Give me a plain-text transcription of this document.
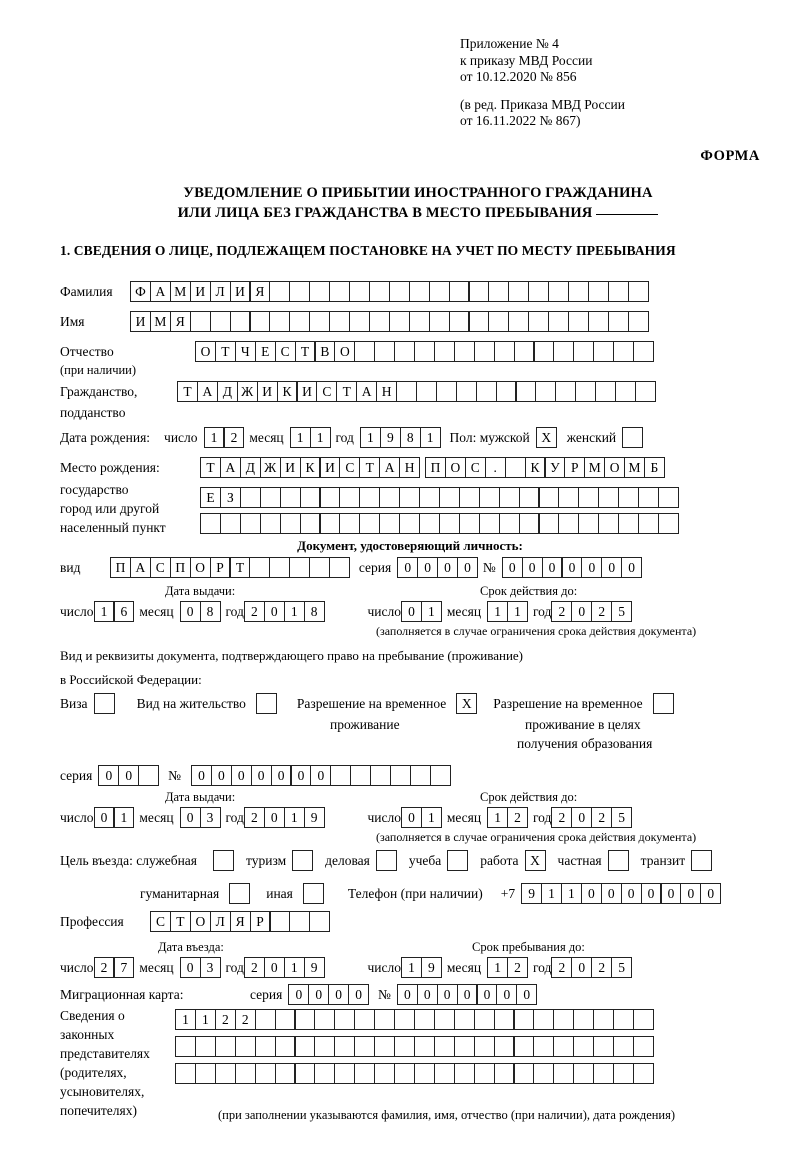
Приложение № 4
к приказу МВД России
от 10.12.2020 № 856
(в ред. Приказа МВД России
от 16.11.2022 № 867)
ФОРМА
УВЕДОМЛЕНИЕ О ПРИБЫТИИ ИНОСТРАННОГО ГРАЖДАНИНА
ИЛИ ЛИЦА БЕЗ ГРАЖДАНСТВА В МЕСТО ПРЕБЫВАНИЯ
1. СВЕДЕНИЯ О ЛИЦЕ, ПОДЛЕЖАЩЕМ ПОСТАНОВКЕ НА УЧЕТ ПО МЕСТУ ПРЕБЫВАНИЯ
Фамилия	Ф А М И Л И Я
Имя	И М Я
Отчество	О Т Ч Е С Т В О
(при наличии)
Гражданство,	Т А Д Ж И К И С Т А Н
подданство
Дата рождения: число 1 2 месяц 1 1 год 1 9 8 1	Пол: мужской X	женский
Место рождения:	Т А Д Ж И К И С Т А Н	П О С	.	К У Р М О М Б
государство
Е З
город или другой
населенный пункт
Документ, удостоверяющий личность:
вид	П А С П О Р Т	серия 0 0 0 0 № 0 0 0 0 0 0 0
Дата выдачи:	Срок действия до:
число 1 6 месяц 0 8 год 2 0 1 8	число 0 1 месяц 1 1 год 2 0 2 5
(заполняется в случае ограничения срока действия документа)
Вид и реквизиты документа, подтверждающего право на пребывание (проживание)
в Российской Федерации:
Виза	Вид на жительство	Разрешение на временное	X	Разрешение на временное
проживание	проживание в целях
получения образования
серия 0 0	№	0 0 0 0 0 0 0
Дата выдачи:	Срок действия до:
число 0 1 месяц 0 3 год 2 0 1 9	число 0 1 месяц 1 2 год 2 0 2 5
(заполняется в случае ограничения срока действия документа)
Цель въезда: служебная	туризм	деловая	учеба	работа X	частная	транзит
гуманитарная	иная	Телефон (при наличии) +7 9 1 1 0 0 0 0 0 0 0
Профессия	С Т О Л Я Р
Дата въезда:	Срок пребывания до:
число 2 7 месяц 0 3 год 2 0 1 9	число 1 9 месяц 1 2 год 2 0 2 5
Миграционная карта:	серия 0 0 0 0	№ 0 0 0 0 0 0 0
Сведения о
законных
представителях
(родителях,
усыновителях,
попечителях)
1 1 2 2
(при заполнении указываются фамилия, имя, отчество (при наличии), дата рождения)
